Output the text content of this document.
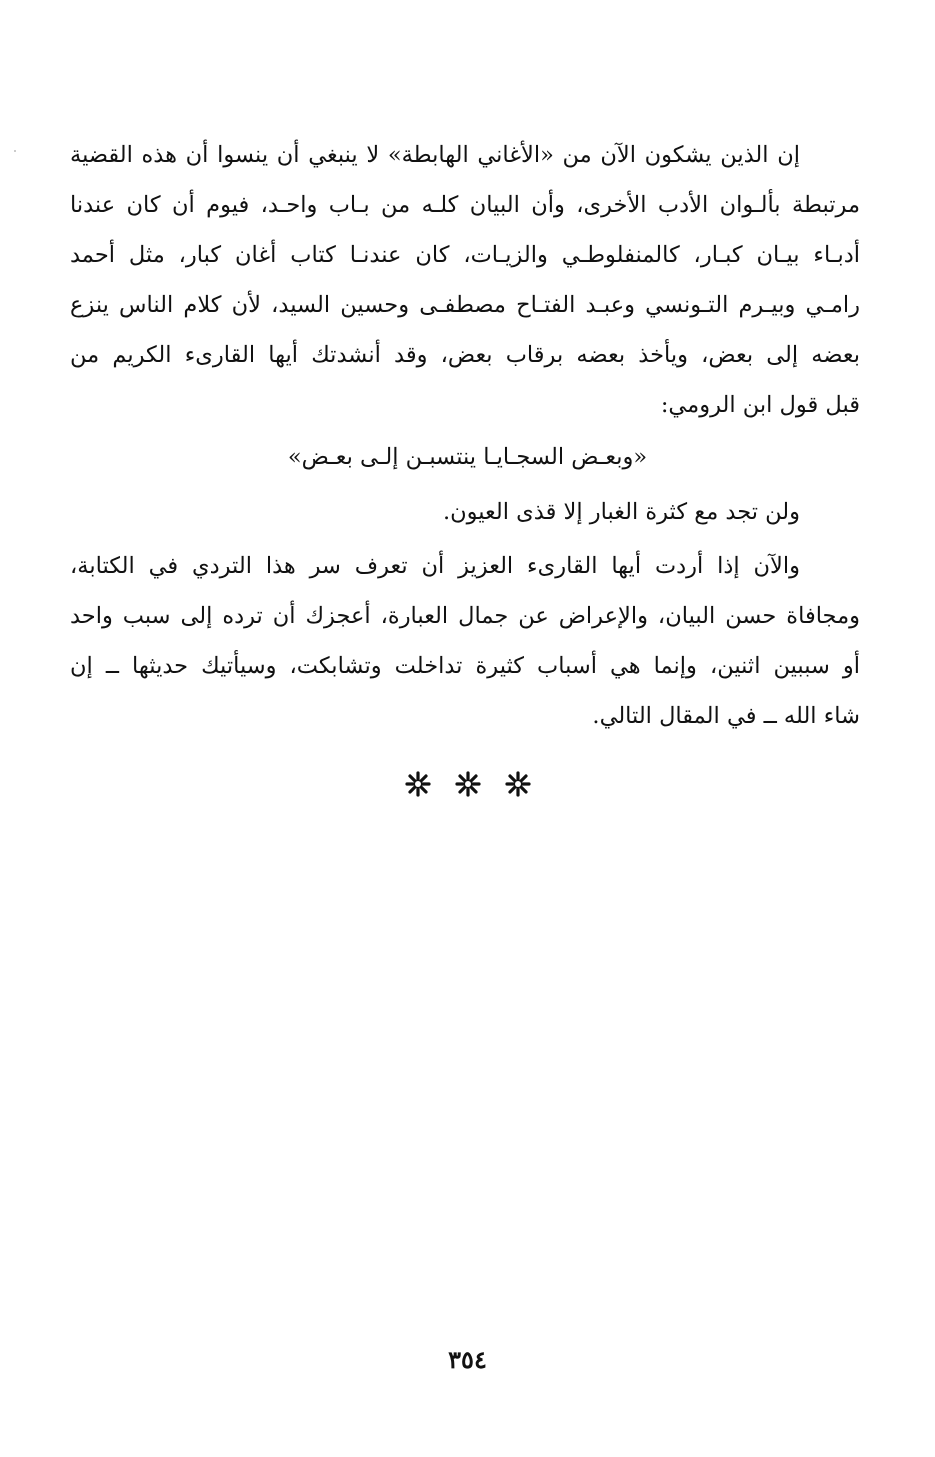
إن الذين يشكون الآن من «الأغاني الهابطة» لا ينبغي أن ينسوا أن هذه القضية
مرتبطة بألـوان الأدب الأخرى، وأن البيان كلـه من بـاب واحـد، فيوم أن كان عندنا
أدبـاء بيـان كبـار، كالمنفلوطـي والزيـات، كان عندنـا كتاب أغان كبار، مثل أحمد
رامـي وبيـرم التـونسي وعبـد الفتـاح مصطفـى وحسين السيد، لأن كلام الناس ينزع
بعضه إلى بعض، ويأخذ بعضه برقاب بعض، وقد أنشدتك أيها القارىء الكريم من
قبل قول ابن الرومي:
«وبعـض السجـايـا ينتسبـن إلـى بعـض»
ولن تجد مع كثرة الغبار إلا قذى العيون.
والآن إذا أردت أيها القارىء العزيز أن تعرف سر هذا التردي في الكتابة،
ومجافاة حسن البيان، والإعراض عن جمال العبارة، أعجزك أن ترده إلى سبب واحد
أو سببين اثنين، وإنما هي أسباب كثيرة تداخلت وتشابكت، وسيأتيك حديثها ــ إن
شاء الله ــ في المقال التالي.
٣٥٤
